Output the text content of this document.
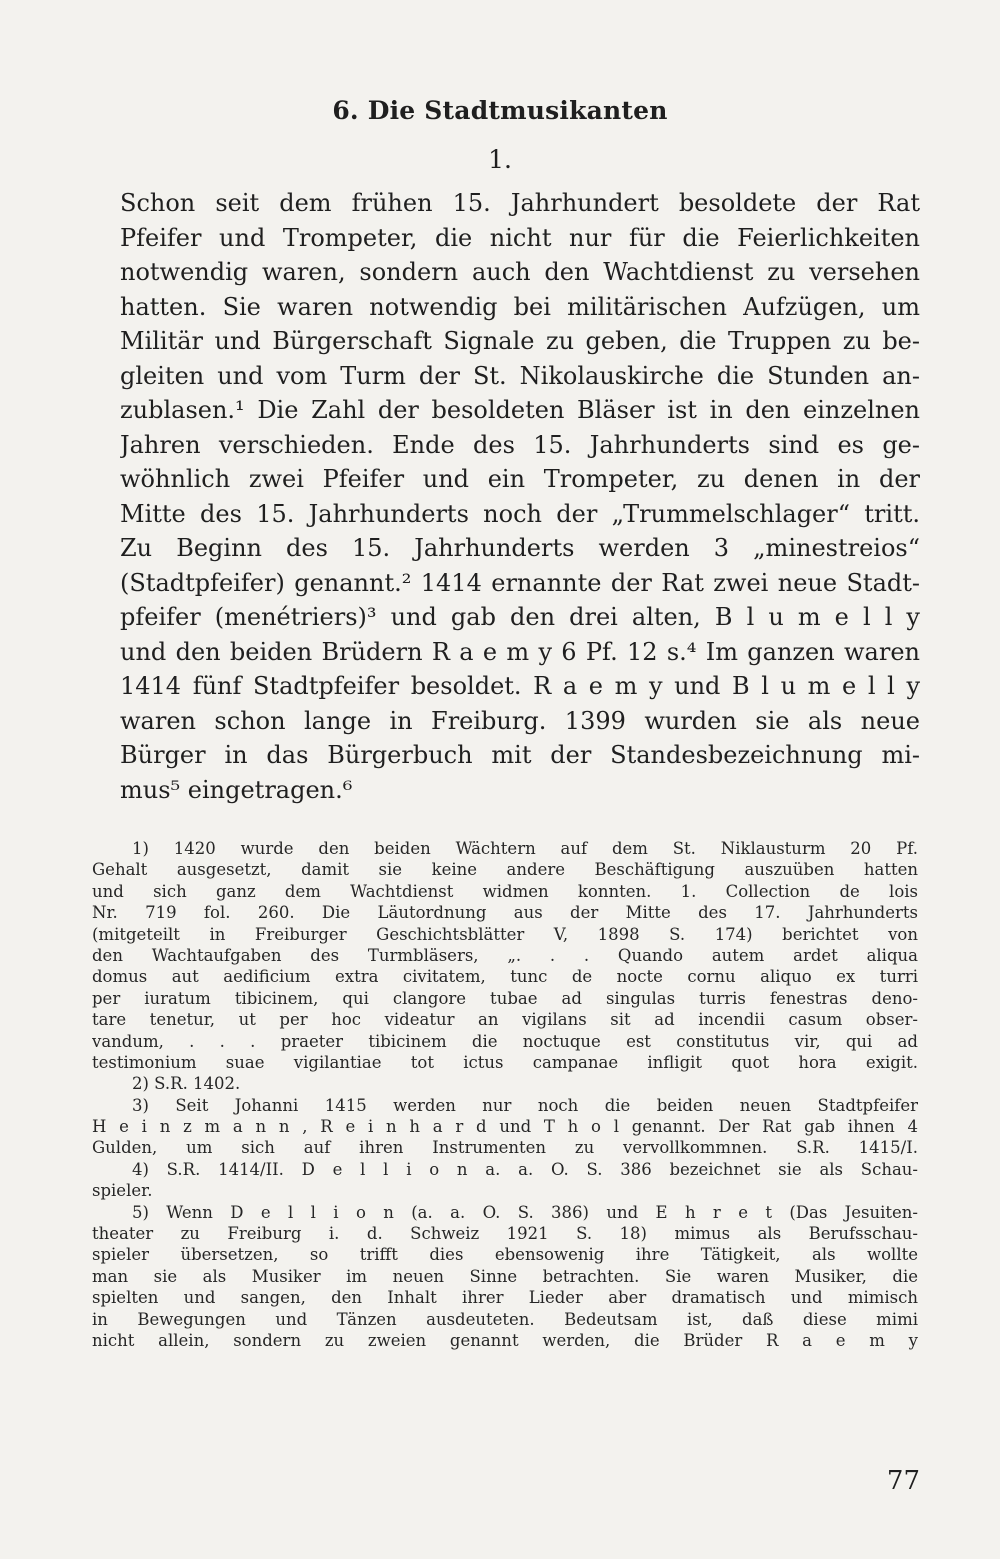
6. Die Stadtmusikanten
1.
Schon seit dem frühen 15. Jahrhundert besoldete der Rat
Pfeifer und Trompeter, die nicht nur für die Feierlichkeiten
notwendig waren, sondern auch den Wachtdienst zu versehen
hatten. Sie waren notwendig bei militärischen Aufzügen, um
Militär und Bürgerschaft Signale zu geben, die Truppen zu be-
gleiten und vom Turm der St. Nikolauskirche die Stunden an-
zublasen.¹ Die Zahl der besoldeten Bläser ist in den einzelnen
Jahren verschieden. Ende des 15. Jahrhunderts sind es ge-
wöhnlich zwei Pfeifer und ein Trompeter, zu denen in der
Mitte des 15. Jahrhunderts noch der „Trummelschlager“ tritt.
Zu Beginn des 15. Jahrhunderts werden 3 „minestreios“
(Stadtpfeifer) genannt.² 1414 ernannte der Rat zwei neue Stadt-
pfeifer (menétriers)³ und gab den drei alten, B l u m e l l y
und den beiden Brüdern R a e m y 6 Pf. 12 s.⁴ Im ganzen waren
1414 fünf Stadtpfeifer besoldet. R a e m y und B l u m e l l y
waren schon lange in Freiburg. 1399 wurden sie als neue
Bürger in das Bürgerbuch mit der Standesbezeichnung mi-
mus⁵ eingetragen.⁶
1) 1420 wurde den beiden Wächtern auf dem St. Niklausturm 20 Pf.
Gehalt ausgesetzt, damit sie keine andere Beschäftigung auszuüben hatten
und sich ganz dem Wachtdienst widmen konnten. 1. Collection de lois
Nr. 719 fol. 260. Die Läutordnung aus der Mitte des 17. Jahrhunderts
(mitgeteilt in Freiburger Geschichtsblätter V, 1898 S. 174) berichtet von
den Wachtaufgaben des Turmbläsers, „. . . Quando autem ardet aliqua
domus aut aedificium extra civitatem, tunc de nocte cornu aliquo ex turri
per iuratum tibicinem, qui clangore tubae ad singulas turris fenestras deno-
tare tenetur, ut per hoc videatur an vigilans sit ad incendii casum obser-
vandum, . . . praeter tibicinem die noctuque est constitutus vir, qui ad
testimonium suae vigilantiae tot ictus campanae infligit quot hora exigit.
2) S.R. 1402.
3) Seit Johanni 1415 werden nur noch die beiden neuen Stadtpfeifer
H e i n z m a n n , R e i n h a r d und T h o l genannt. Der Rat gab ihnen 4
Gulden, um sich auf ihren Instrumenten zu vervollkommnen. S.R. 1415/I.
4) S.R. 1414/II. D e l l i o n a. a. O. S. 386 bezeichnet sie als Schau-
spieler.
5) Wenn D e l l i o n (a. a. O. S. 386) und E h r e t (Das Jesuiten-
theater zu Freiburg i. d. Schweiz 1921 S. 18) mimus als Berufsschau-
spieler übersetzen, so trifft dies ebensowenig ihre Tätigkeit, als wollte
man sie als Musiker im neuen Sinne betrachten. Sie waren Musiker, die
spielten und sangen, den Inhalt ihrer Lieder aber dramatisch und mimisch
in Bewegungen und Tänzen ausdeuteten. Bedeutsam ist, daß diese mimi
nicht allein, sondern zu zweien genannt werden, die Brüder R a e m y
77
